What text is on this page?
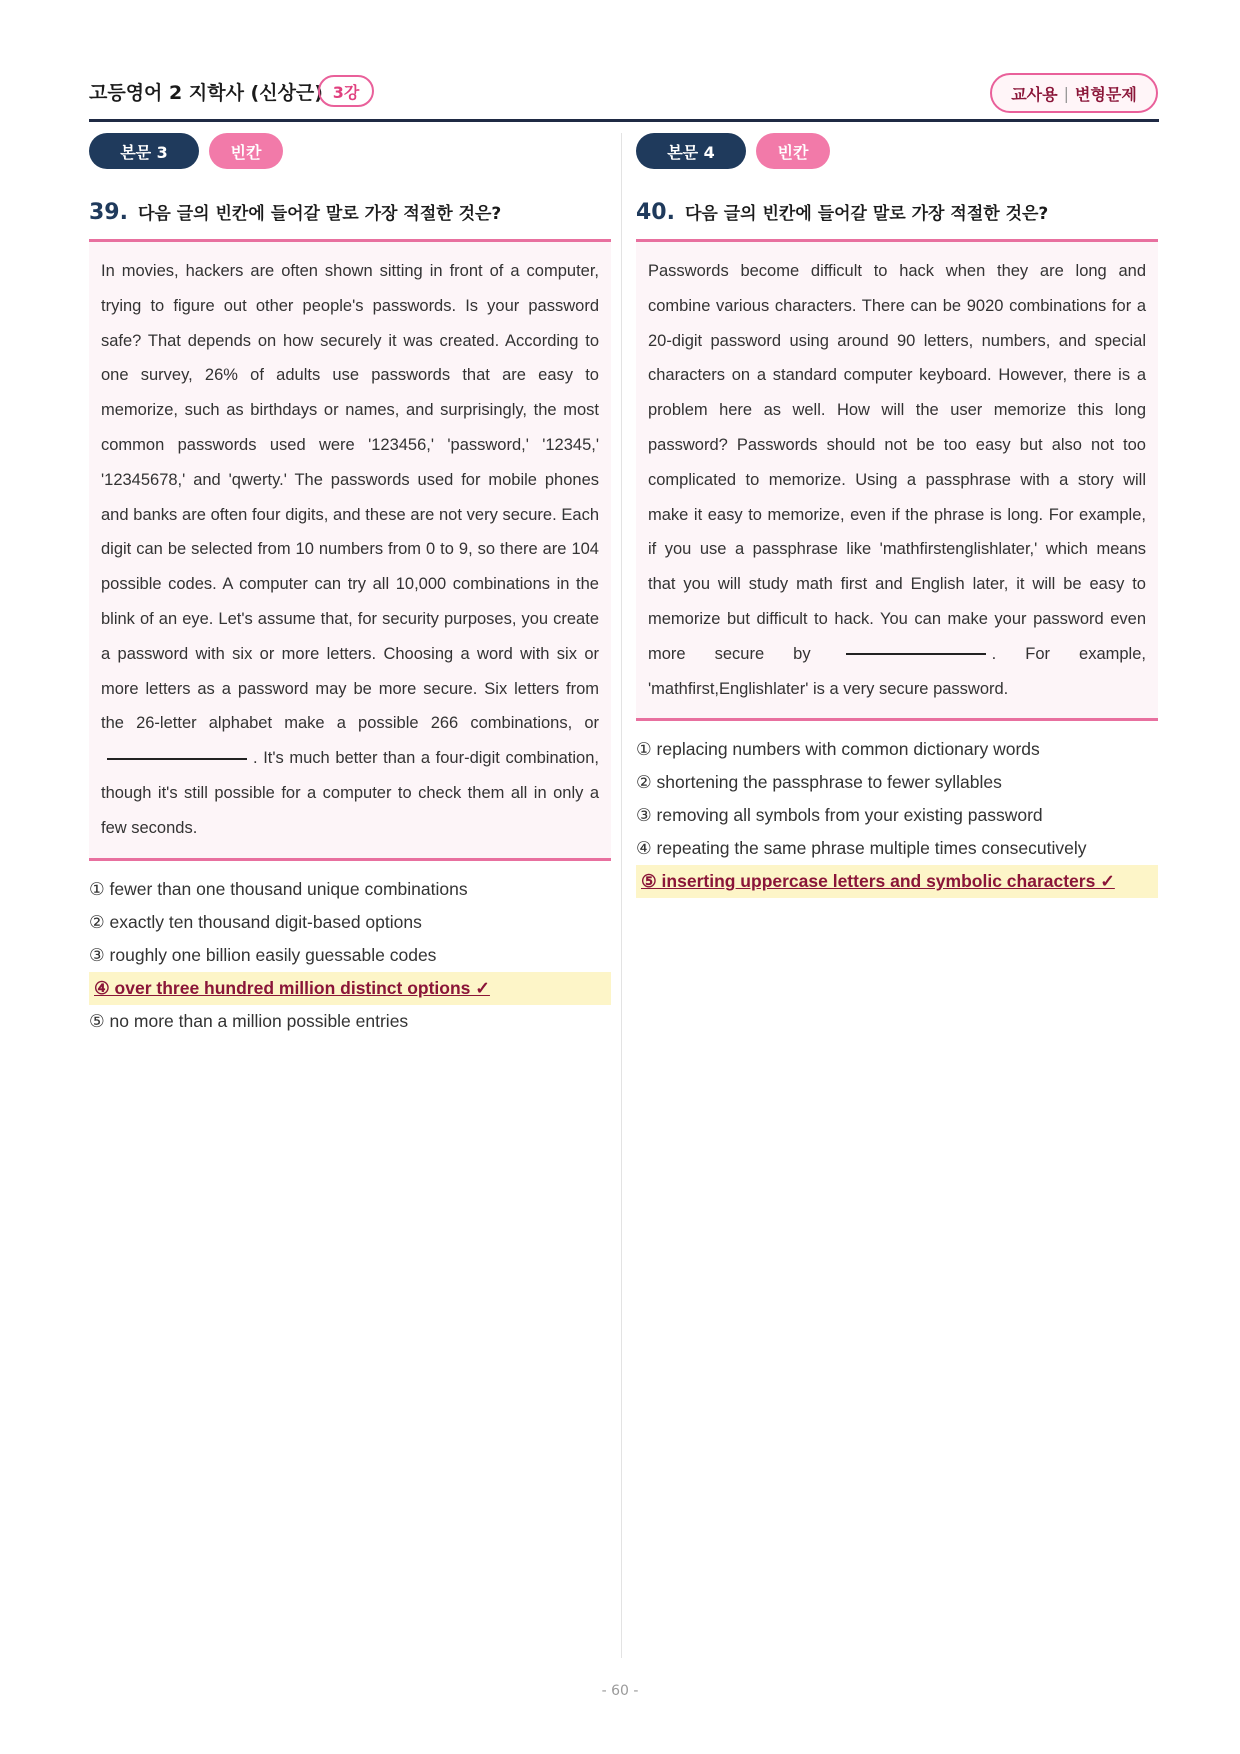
고등영어 2 지학사 (신상근) 3강	교사용 | 변형문제
본문 3	빈칸
39. 다음 글의 빈칸에 들어갈 말로 가장 적절한 것은?

In movies, hackers are often shown sitting in front of a computer, trying to figure out other people's passwords. Is your password safe? That depends on how securely it was created. According to one survey, 26% of adults use passwords that are easy to memorize, such as birthdays or names, and surprisingly, the most common passwords used were '123456,' 'password,' '12345,' '12345678,' and 'qwerty.' The passwords used for mobile phones and banks are often four digits, and these are not very secure. Each digit can be selected from 10 numbers from 0 to 9, so there are 104 possible codes. A computer can try all 10,000 combinations in the blink of an eye. Let's assume that, for security purposes, you create a password with six or more letters. Choosing a word with six or more letters as a password may be more secure. Six letters from the 26-letter alphabet make a possible 266 combinations, or . It's much better than a four-digit combination, though it's still possible for a computer to check them all in only a few seconds.

① fewer than one thousand unique combinations
② exactly ten thousand digit-based options
③ roughly one billion easily guessable codes
④ over three hundred million distinct options ✓
⑤ no more than a million possible entries
본문 4	빈칸
40. 다음 글의 빈칸에 들어갈 말로 가장 적절한 것은?

Passwords become difficult to hack when they are long and combine various characters. There can be 9020 combinations for a 20-digit password using around 90 letters, numbers, and special characters on a standard computer keyboard. However, there is a problem here as well. How will the user memorize this long password? Passwords should not be too easy but also not too complicated to memorize. Using a passphrase with a story will make it easy to memorize, even if the phrase is long. For example, if you use a passphrase like 'mathfirstenglishlater,' which means that you will study math first and English later, it will be easy to memorize but difficult to hack. You can make your password even more secure by	. For example, 'mathfirst,Englishlater' is a very secure password.

① replacing numbers with common dictionary words
② shortening the passphrase to fewer syllables
③ removing all symbols from your existing password
④ repeating the same phrase multiple times consecutively
⑤ inserting uppercase letters and symbolic characters ✓
- 60 -
